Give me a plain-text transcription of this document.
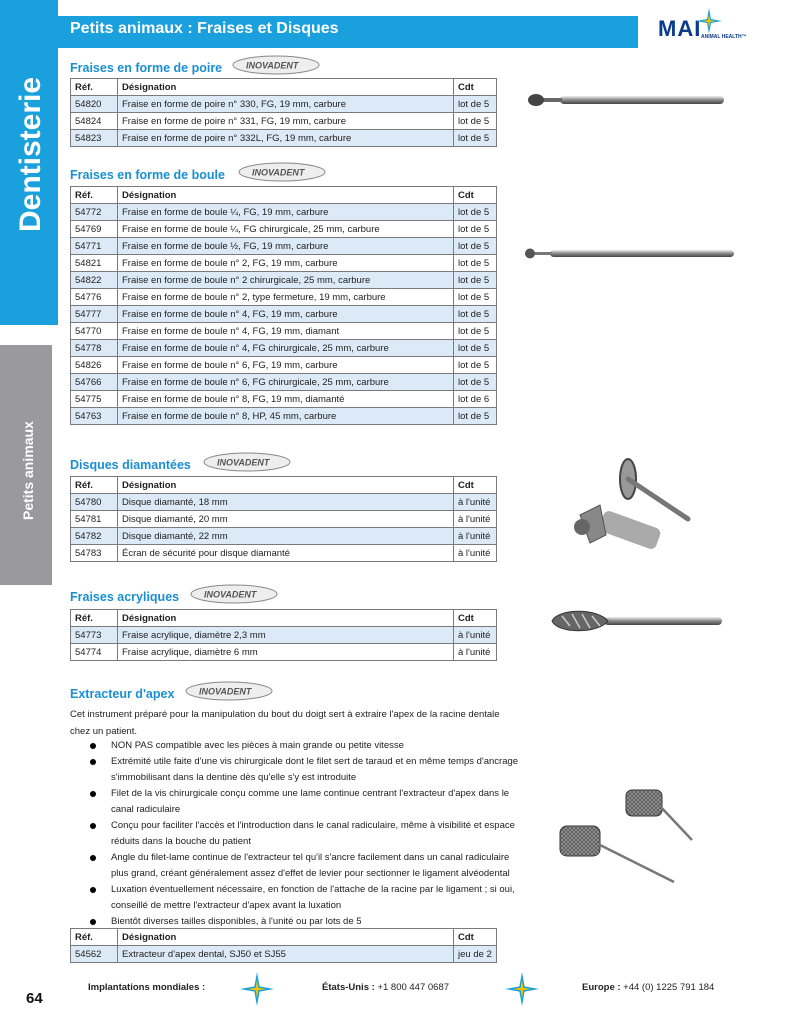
Dentisterie
Petits animaux
Petits animaux : Fraises et Disques	MAI ANIMAL HEALTH™
Fraises en forme de poire	INOVADENT
Réf.	Désignation	Cdt
54820	Fraise en forme de poire n° 330, FG, 19 mm, carbure	lot de 5
54824	Fraise en forme de poire n° 331, FG, 19 mm, carbure	lot de 5
54823	Fraise en forme de poire n° 332L, FG, 19 mm, carbure	lot de 5
Fraises en forme de boule	INOVADENT
Réf.	Désignation	Cdt
54772	Fraise en forme de boule ¼, FG, 19 mm, carbure	lot de 5
54769	Fraise en forme de boule ¼, FG chirurgicale, 25 mm, carbure	lot de 5
54771	Fraise en forme de boule ½, FG, 19 mm, carbure	lot de 5
54821	Fraise en forme de boule n° 2, FG, 19 mm, carbure	lot de 5
54822	Fraise en forme de boule n° 2 chirurgicale, 25 mm, carbure	lot de 5
54776	Fraise en forme de boule n° 2, type fermeture, 19 mm, carbure	lot de 5
54777	Fraise en forme de boule n° 4, FG, 19 mm, carbure	lot de 5
54770	Fraise en forme de boule n° 4, FG, 19 mm, diamant	lot de 5
54778	Fraise en forme de boule n° 4, FG chirurgicale, 25 mm, carbure	lot de 5
54826	Fraise en forme de boule n° 6, FG, 19 mm, carbure	lot de 5
54766	Fraise en forme de boule n° 6, FG chirurgicale, 25 mm, carbure	lot de 5
54775	Fraise en forme de boule n° 8, FG, 19 mm, diamanté	lot de 6
54763	Fraise en forme de boule n° 8, HP, 45 mm, carbure	lot de 5
Disques diamantées	INOVADENT
Réf.	Désignation	Cdt
54780	Disque diamanté, 18 mm	à l'unité
54781	Disque diamanté, 20 mm	à l'unité
54782	Disque diamanté, 22 mm	à l'unité
54783	Écran de sécurité pour disque diamanté	à l'unité
Fraises acryliques	INOVADENT
Réf.	Désignation	Cdt
54773	Fraise acrylique, diamètre 2,3 mm	à l'unité
54774	Fraise acrylique, diamètre 6 mm	à l'unité
Extracteur d'apex	INOVADENT
Cet instrument préparé pour la manipulation du bout du doigt sert à extraire l'apex de la racine dentale chez un patient.
NON PAS compatible avec les pièces à main grande ou petite vitesse
Extrémité utile faite d'une vis chirurgicale dont le filet sert de taraud et en même temps d'ancrage s'immobilisant dans la dentine dès qu'elle s'y est introduite
Filet de la vis chirurgicale conçu comme une lame continue centrant l'extracteur d'apex dans le canal radiculaire
Conçu pour faciliter l'accès et l'introduction dans le canal radiculaire, même à visibilité et espace réduits dans la bouche du patient
Angle du filet-lame continue de l'extracteur tel qu'il s'ancre facilement dans un canal radiculaire plus grand, créant généralement assez d'effet de levier pour sectionner le ligament alvéodental
Luxation éventuellement nécessaire, en fonction de l'attache de la racine par le ligament ; si oui, conseillé de mettre l'extracteur d'apex avant la luxation
Bientôt diverses tailles disponibles, à l'unité ou par lots de 5
Réf.	Désignation	Cdt
54562	Extracteur d'apex dental, SJ50 et SJ55	jeu de 2
64
Implantations mondiales :	États-Unis : +1 800 447 0687	Europe : +44 (0) 1225 791 184
